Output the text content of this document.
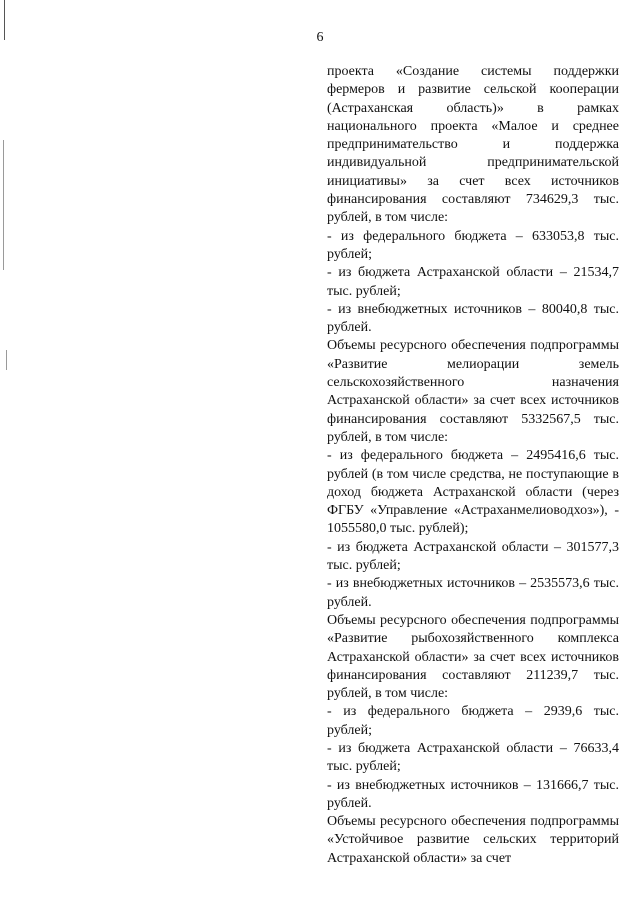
6

проекта «Создание системы поддержки фермеров и развитие сельской кооперации (Астраханская область)» в рамках национального проекта «Малое и среднее предпринимательство и поддержка индивидуальной предпринимательской инициативы» за счет всех источников финансирования составляют 734629,3 тыс. рублей, в том числе:

- из федерального бюджета – 633053,8 тыс. рублей;

- из бюджета Астраханской области – 21534,7 тыс. рублей;

- из внебюджетных источников – 80040,8 тыс. рублей.

Объемы ресурсного обеспечения подпрограммы «Развитие мелиорации земель сельскохозяйственного назначения Астраханской области» за счет всех источников финансирования составляют 5332567,5 тыс. рублей, в том числе:

- из федерального бюджета – 2495416,6 тыс. рублей (в том числе средства, не поступающие в доход бюджета Астраханской области (через ФГБУ «Управление «Астраханмелиоводхоз»), - 1055580,0 тыс. рублей);

- из бюджета Астраханской области – 301577,3 тыс. рублей;

- из внебюджетных источников – 2535573,6 тыс. рублей.

Объемы ресурсного обеспечения подпрограммы «Развитие рыбохозяйственного комплекса Астраханской области» за счет всех источников финансирования составляют 211239,7 тыс. рублей, в том числе:

- из федерального бюджета – 2939,6 тыс. рублей;

- из бюджета Астраханской области – 76633,4 тыс. рублей;

- из внебюджетных источников – 131666,7 тыс. рублей.

Объемы ресурсного обеспечения подпрограммы «Устойчивое развитие сельских территорий Астраханской области» за счет
